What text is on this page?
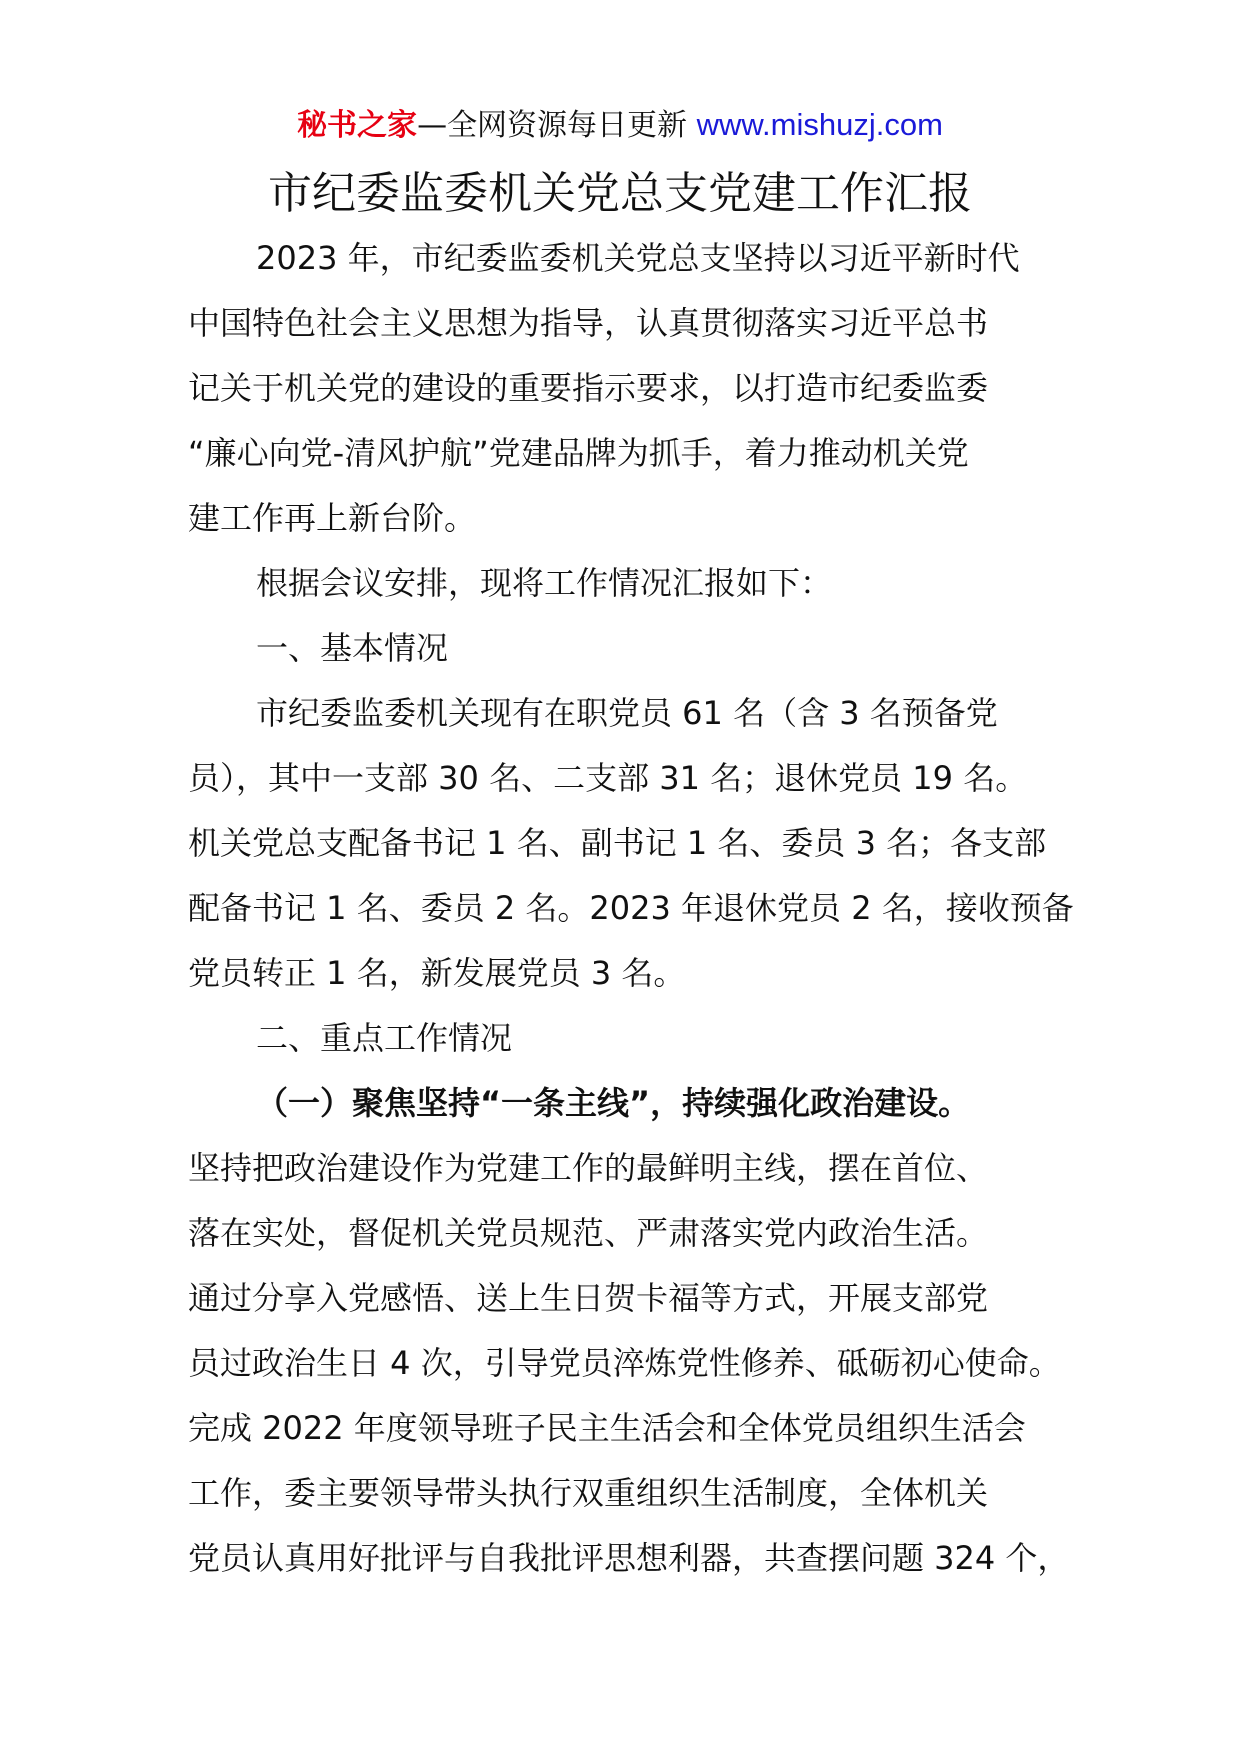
秘书之家—全网资源每日更新 www.mishuzj.com
市纪委监委机关党总支党建工作汇报
2023 年，市纪委监委机关党总支坚持以习近平新时代
中国特色社会主义思想为指导，认真贯彻落实习近平总书
记关于机关党的建设的重要指示要求，以打造市纪委监委
“廉心向党-清风护航”党建品牌为抓手，着力推动机关党
建工作再上新台阶。
根据会议安排，现将工作情况汇报如下：
一、基本情况
市纪委监委机关现有在职党员 61 名（含 3 名预备党
员），其中一支部 30 名、二支部 31 名；退休党员 19 名。
机关党总支配备书记 1 名、副书记 1 名、委员 3 名；各支部
配备书记 1 名、委员 2 名。2023 年退休党员 2 名，接收预备
党员转正 1 名，新发展党员 3 名。
二、重点工作情况
（一）聚焦坚持“一条主线”，持续强化政治建设。
坚持把政治建设作为党建工作的最鲜明主线，摆在首位、
落在实处，督促机关党员规范、严肃落实党内政治生活。
通过分享入党感悟、送上生日贺卡福等方式，开展支部党
员过政治生日 4 次，引导党员淬炼党性修养、砥砺初心使命。
完成 2022 年度领导班子民主生活会和全体党员组织生活会
工作，委主要领导带头执行双重组织生活制度，全体机关
党员认真用好批评与自我批评思想利器，共查摆问题 324 个，
